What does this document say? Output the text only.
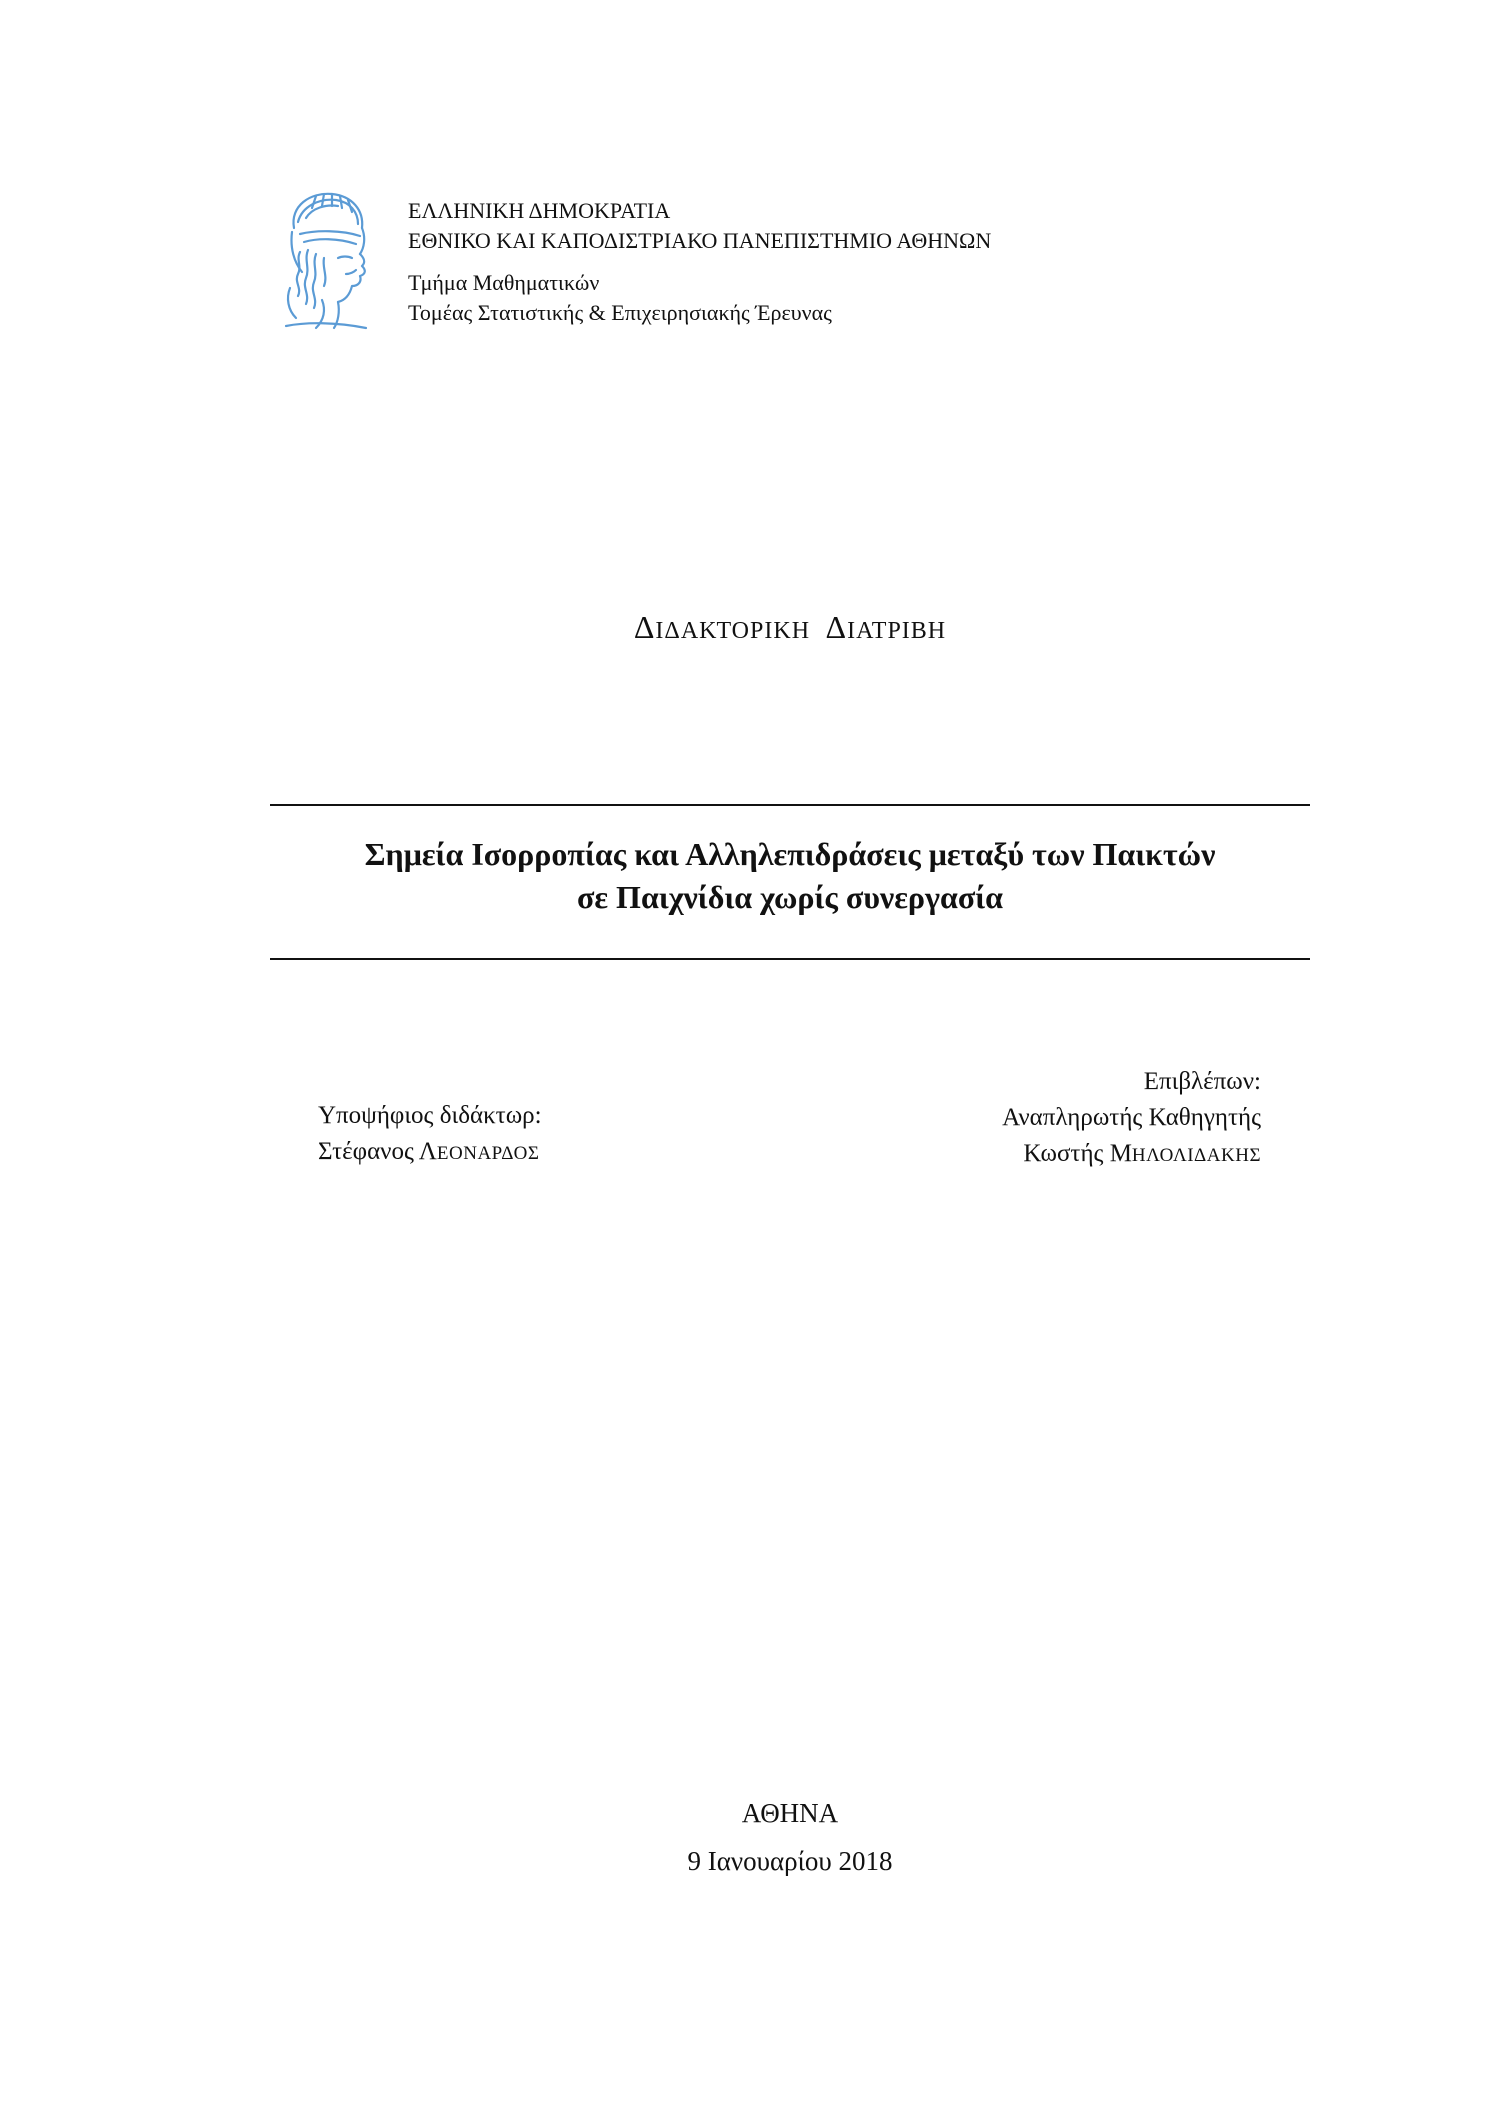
ΕΛΛΗΝΙΚΗ ΔΗΜΟΚΡΑΤΙΑ
ΕΘΝΙΚΟ ΚΑΙ ΚΑΠΟΔΙΣΤΡΙΑΚΟ ΠΑΝΕΠΙΣΤΗΜΙΟ ΑΘΗΝΩΝ
Τμήμα Μαθηματικών
Τομέας Στατιστικής & Επιχειρησιακής Έρευνας
ΔΙΔΑΚΤΟΡΙΚΗ ΔΙΑΤΡΙΒΗ
Σημεία Ισορροπίας και Αλληλεπιδράσεις μεταξύ των Παικτών
σε Παιχνίδια χωρίς συνεργασία
Υποψήφιος διδάκτωρ:
Στέφανος ΛΕΟΝΑΡΔΟΣ
Επιβλέπων:
Αναπληρωτής Καθηγητής
Κωστής ΜΗΛΟΛΙΔΑΚΗΣ
ΑΘΗΝΑ
9 Ιανουαρίου 2018
